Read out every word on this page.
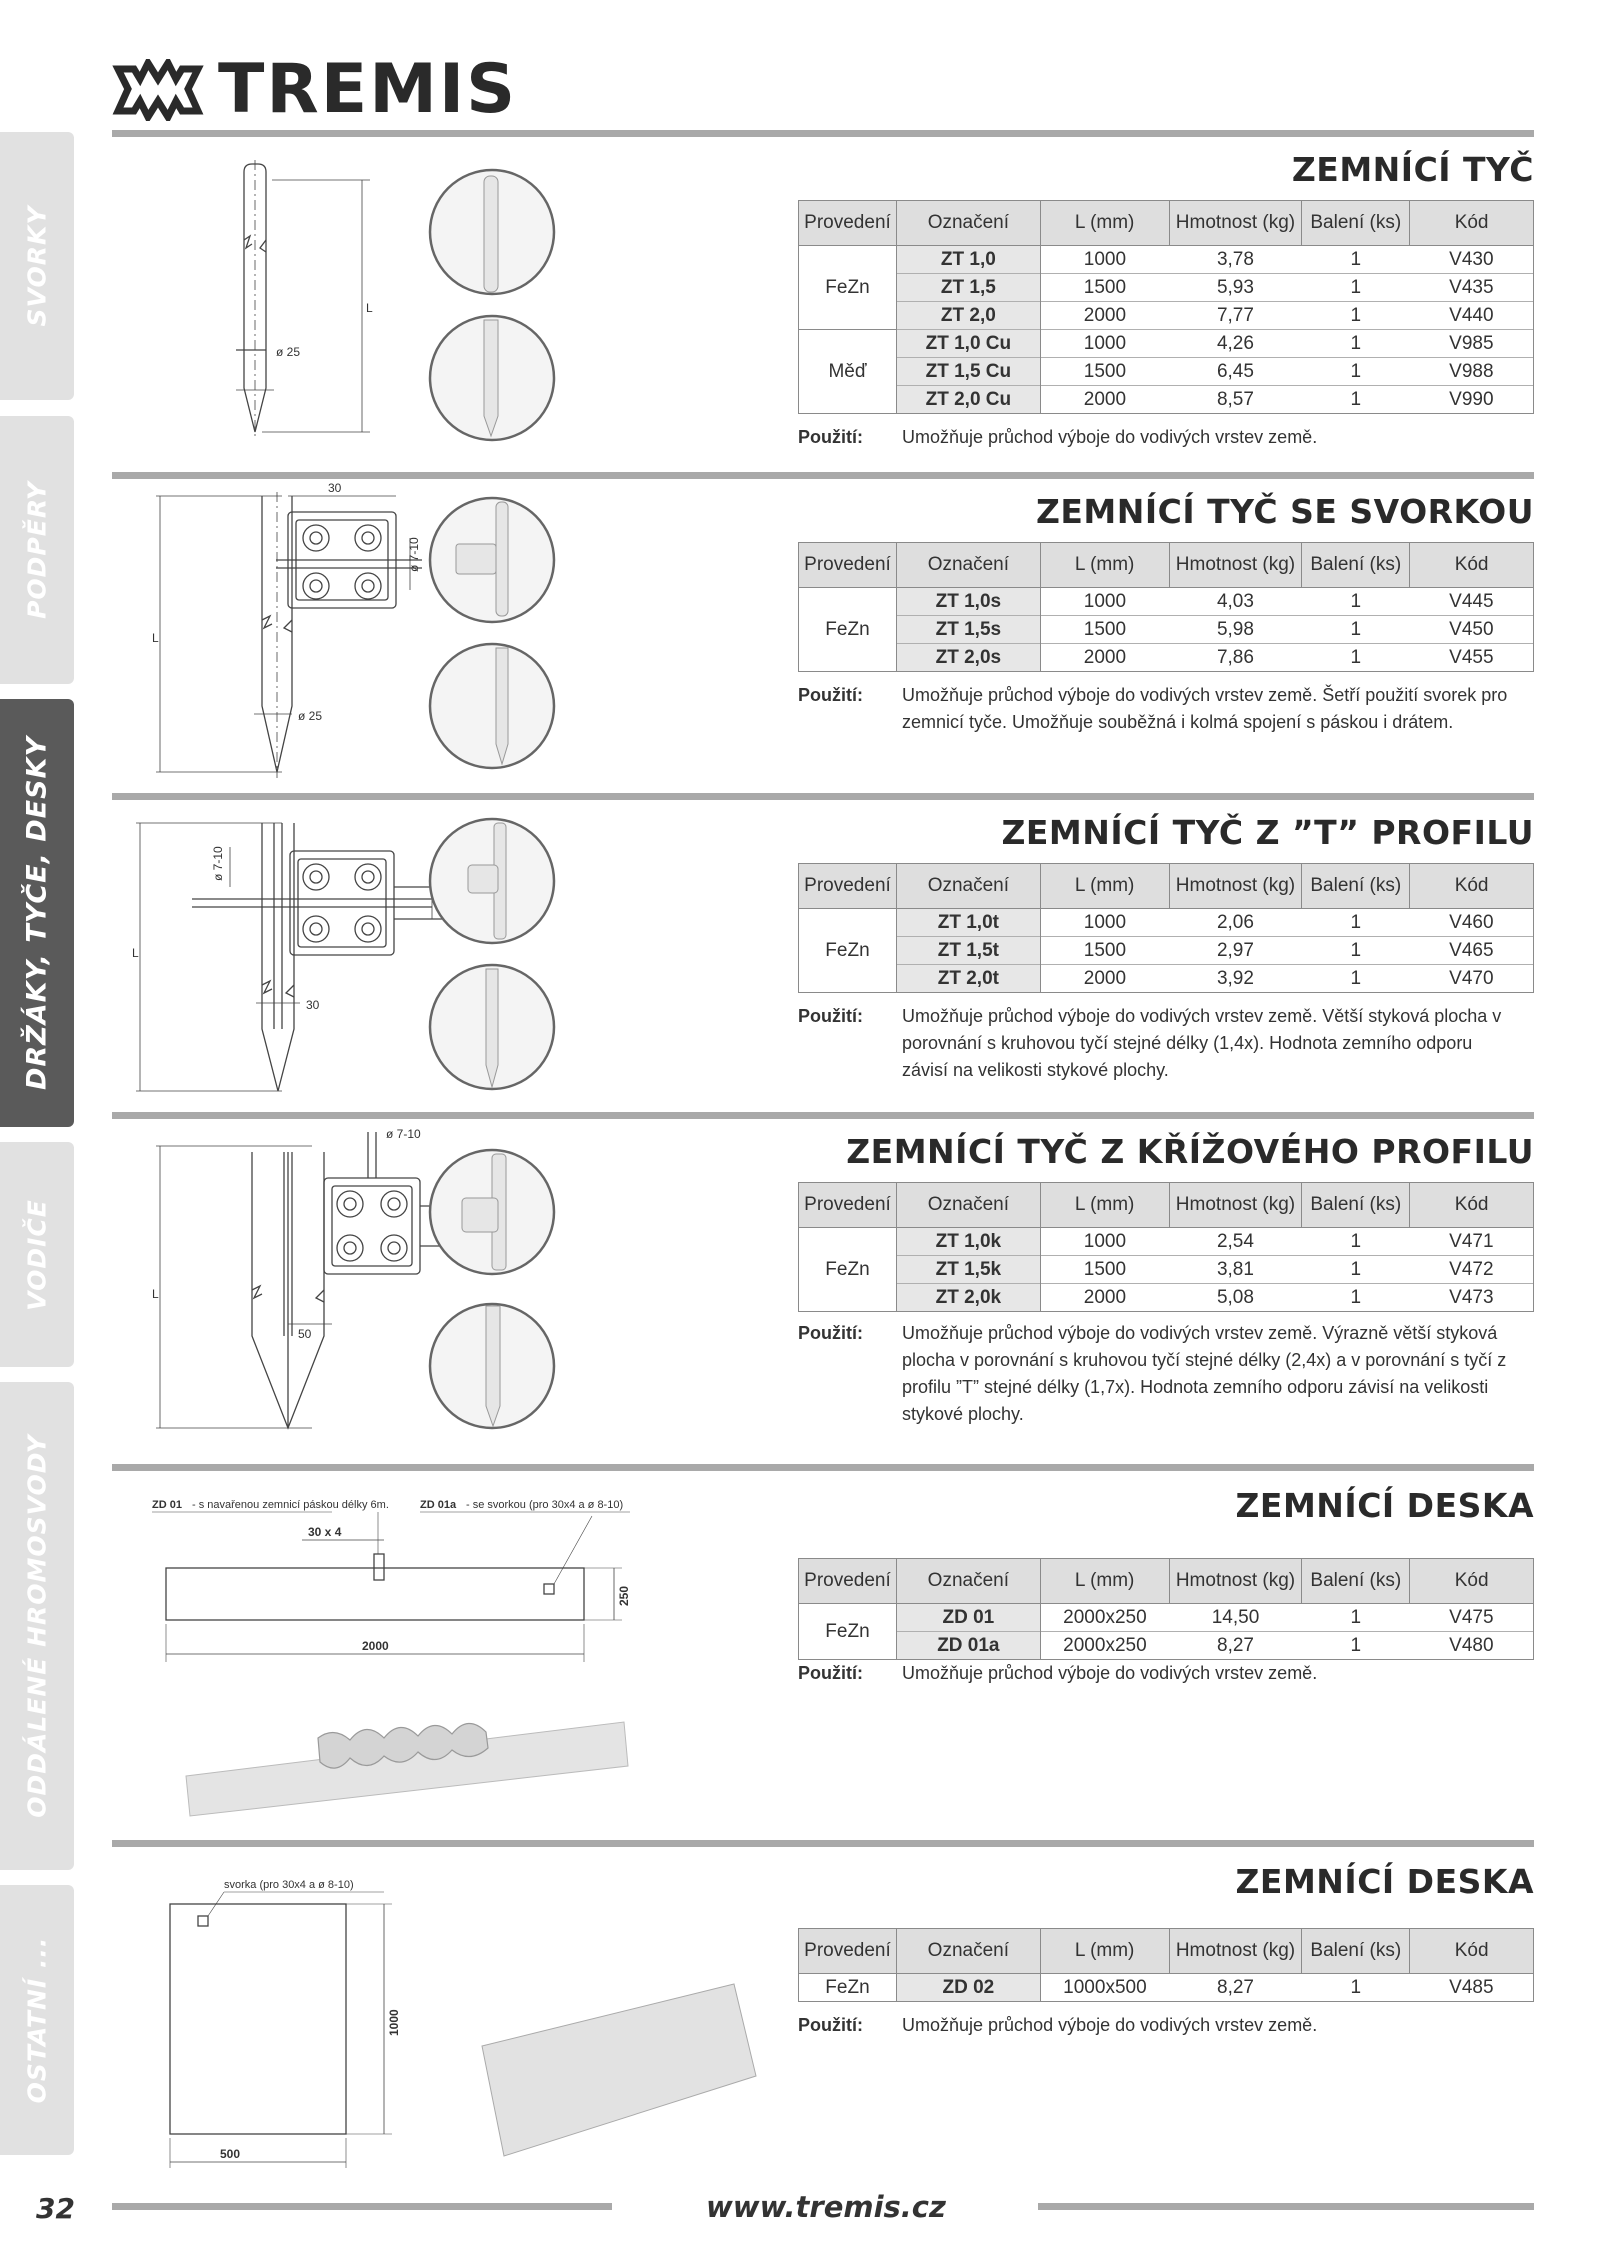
TREMIS
SVORKY
PODPĚRY
DRŽÁKY, TYČE, DESKY
VODIČE
ODDÁLENÉ HROMOSVODY
OSTATNÍ ...
ZEMNÍCÍ TYČ
ø 25
L
Provedení	Označení	L (mm)	Hmotnost (kg)	Balení (ks)	Kód
FeZn	ZT 1,0	1000	3,78	1	V430
	ZT 1,5	1500	5,93	1	V435
	ZT 2,0	2000	7,77	1	V440
Měď	ZT 1,0 Cu	1000	4,26	1	V985
	ZT 1,5 Cu	1500	6,45	1	V988
	ZT 2,0 Cu	2000	8,57	1	V990
Použití: Umožňuje průchod výboje do vodivých vrstev země.
ZEMNÍCÍ TYČ SE SVORKOU
30
ø 7-10
ø 25
L
Provedení	Označení	L (mm)	Hmotnost (kg)	Balení (ks)	Kód
FeZn	ZT 1,0s	1000	4,03	1	V445
	ZT 1,5s	1500	5,98	1	V450
	ZT 2,0s	2000	7,86	1	V455
Použití: Umožňuje průchod výboje do vodivých vrstev země. Šetří použití svorek pro zemnicí tyče. Umožňuje souběžná i kolmá spojení s páskou i drátem.
ZEMNÍCÍ TYČ Z ”T” PROFILU
ø 7-10
30
L
Provedení	Označení	L (mm)	Hmotnost (kg)	Balení (ks)	Kód
FeZn	ZT 1,0t	1000	2,06	1	V460
	ZT 1,5t	1500	2,97	1	V465
	ZT 2,0t	2000	3,92	1	V470
Použití: Umožňuje průchod výboje do vodivých vrstev země. Větší styková plocha v porovnání s kruhovou tyčí stejné délky (1,4x). Hodnota zemního odporu závisí na velikosti stykové plochy.
ZEMNÍCÍ TYČ Z KŘÍŽOVÉHO PROFILU
ø 7-10
50
L
Provedení	Označení	L (mm)	Hmotnost (kg)	Balení (ks)	Kód
FeZn	ZT 1,0k	1000	2,54	1	V471
	ZT 1,5k	1500	3,81	1	V472
	ZT 2,0k	2000	5,08	1	V473
Použití: Umožňuje průchod výboje do vodivých vrstev země. Výrazně větší styková plocha v porovnání s kruhovou tyčí stejné délky (2,4x) a v porovnání s tyčí z profilu ”T” stejné délky (1,7x). Hodnota zemního odporu závisí na velikosti stykové plochy.
ZEMNÍCÍ DESKA
ZD 01 - s navařenou zemnicí páskou délky 6m.	ZD 01a - se svorkou (pro 30x4 a ø 8-10)
30 x 4
2000
250
Provedení	Označení	L (mm)	Hmotnost (kg)	Balení (ks)	Kód
FeZn	ZD 01	2000x250	14,50	1	V475
	ZD 01a	2000x250	8,27	1	V480
Použití: Umožňuje průchod výboje do vodivých vrstev země.
ZEMNÍCÍ DESKA
svorka (pro 30x4 a ø 8-10)
500
1000
Provedení	Označení	L (mm)	Hmotnost (kg)	Balení (ks)	Kód
FeZn	ZD 02	1000x500	8,27	1	V485
Použití: Umožňuje průchod výboje do vodivých vrstev země.
32	www.tremis.cz
